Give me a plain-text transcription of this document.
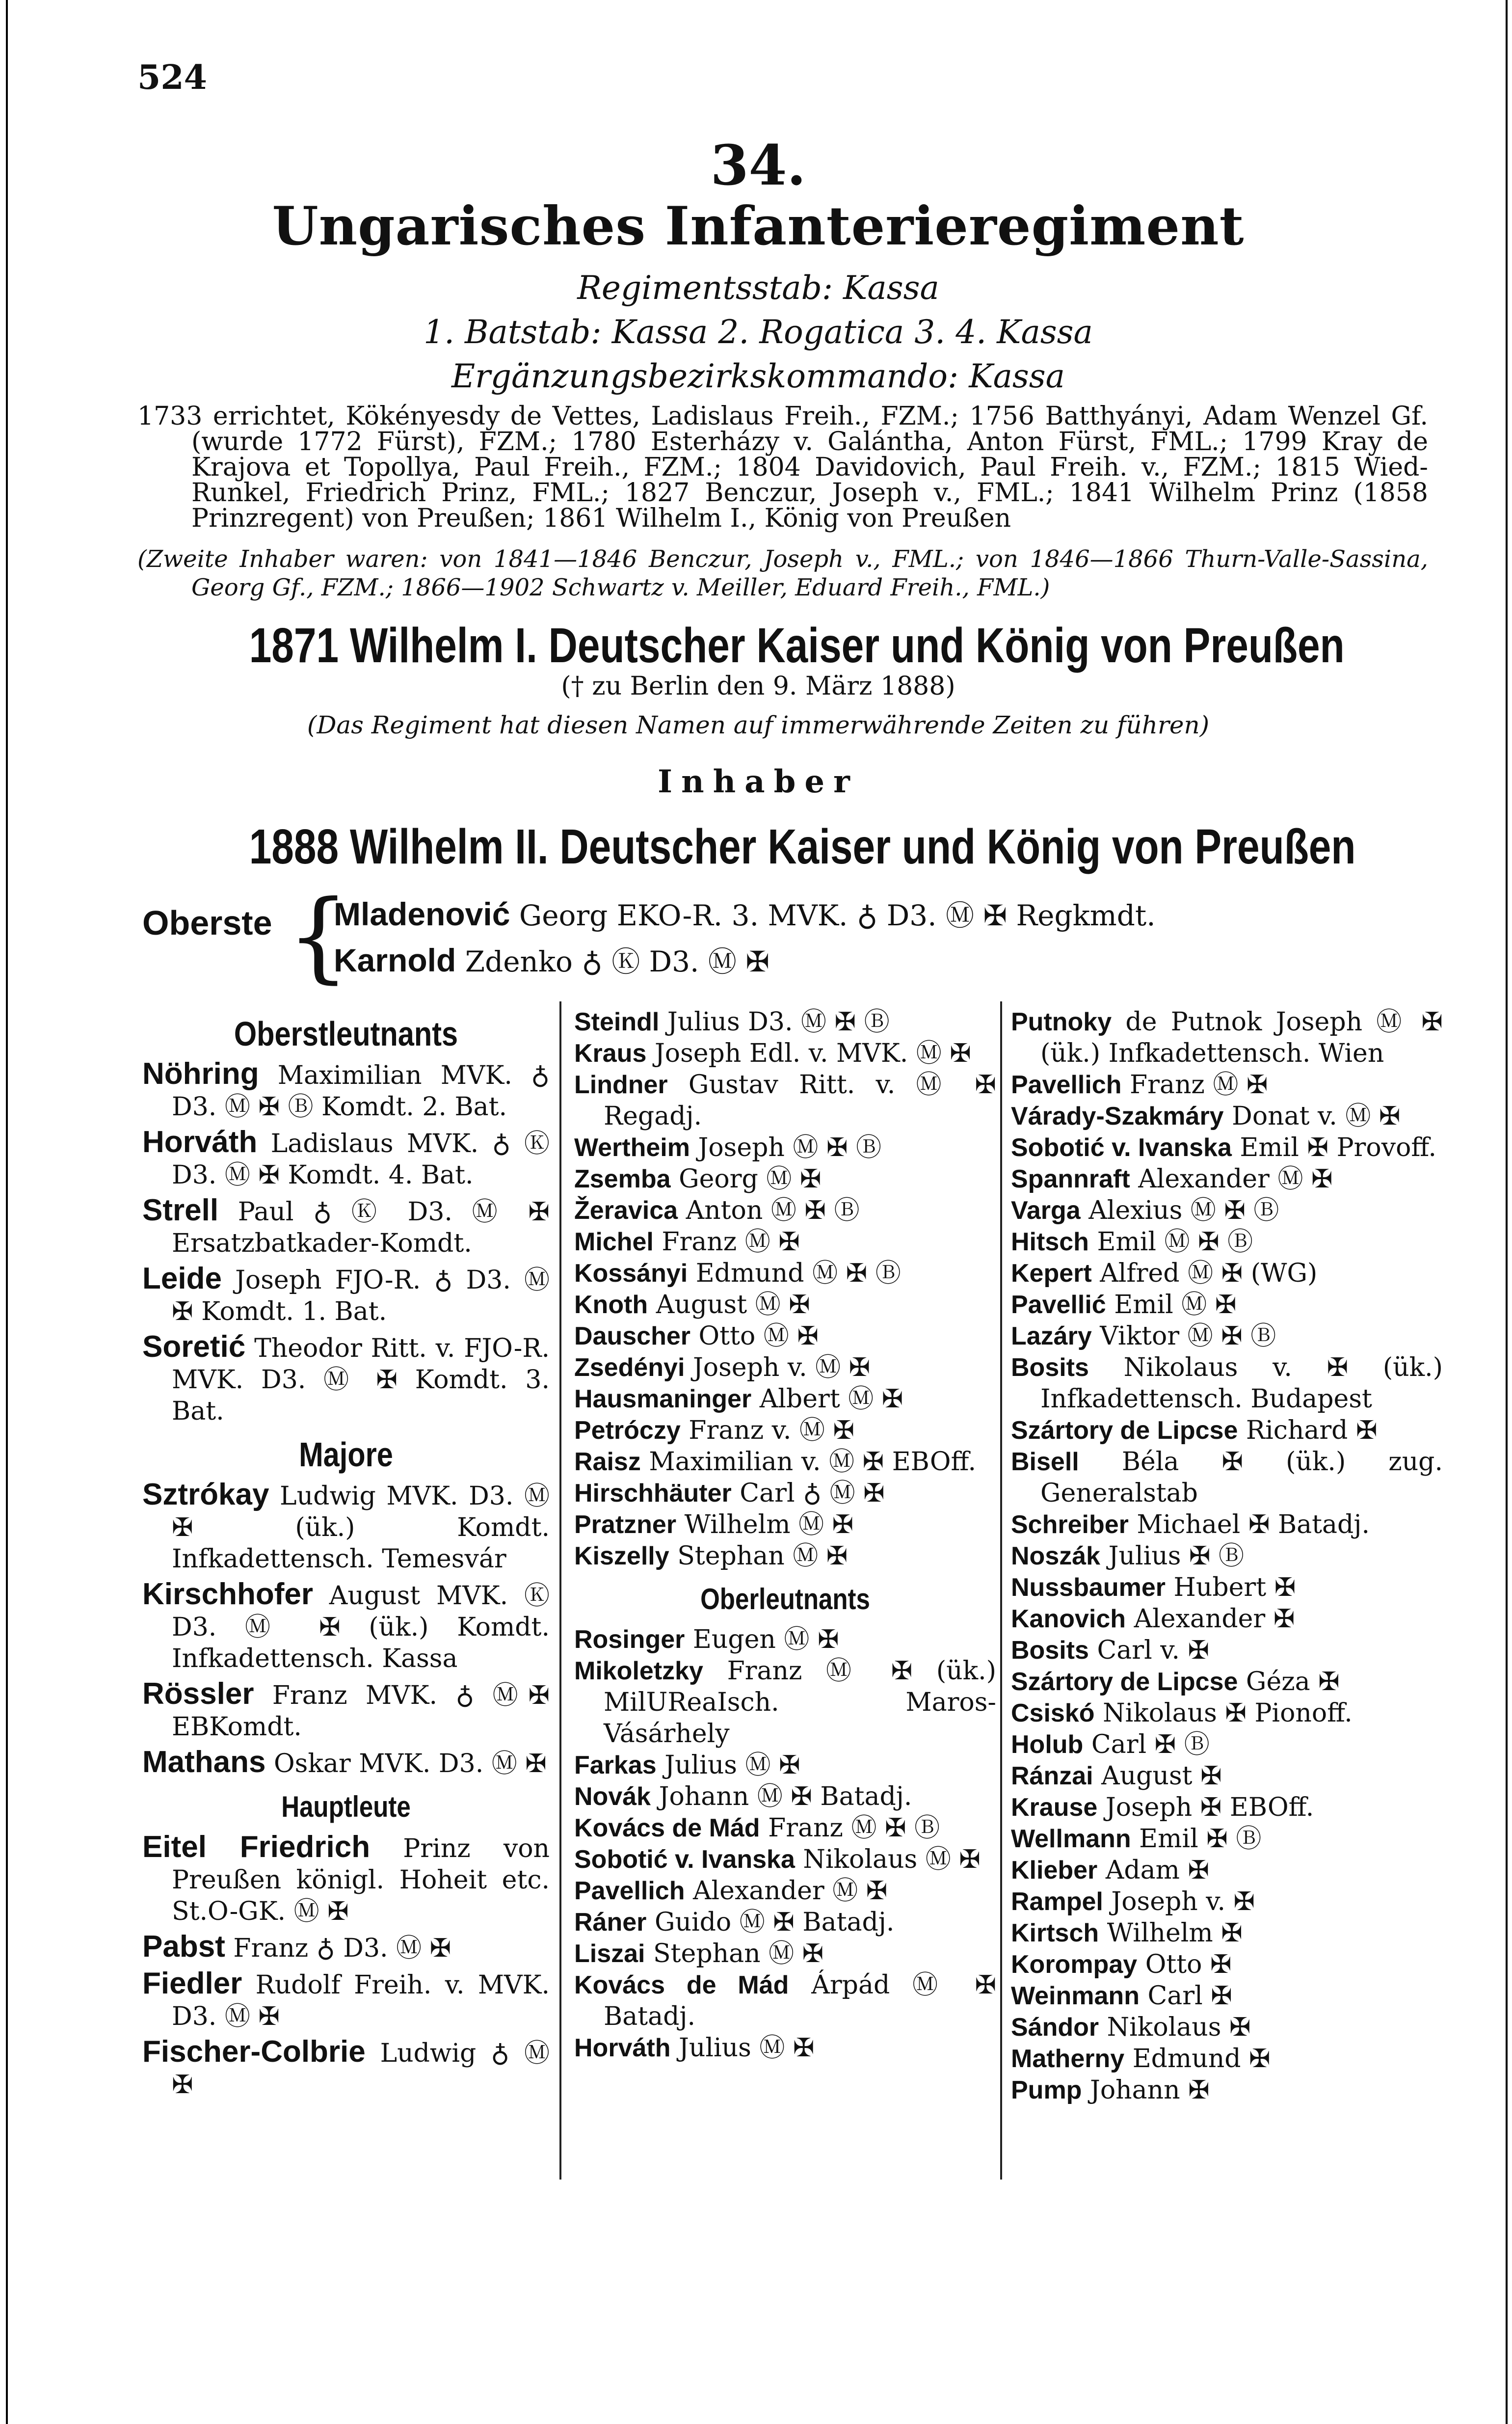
524
34.
Ungarisches Infanterieregiment
Regimentsstab: Kassa
1. Batstab: Kassa 2. Rogatica 3. 4. Kassa
Ergänzungsbezirkskommando: Kassa

1733 errichtet, Kökényesdy de Vettes, Ladislaus Freih., FZM.; 1756 Batthyányi, Adam Wenzel Gf. (wurde 1772 Fürst), FZM.; 1780 Esterházy v. Galántha, Anton Fürst, FML.; 1799 Kray de Krajova et Topollya, Paul Freih., FZM.; 1804 Davidovich, Paul Freih. v., FZM.; 1815 Wied-Runkel, Friedrich Prinz, FML.; 1827 Benczur, Joseph v., FML.; 1841 Wilhelm Prinz (1858 Prinzregent) von Preußen; 1861 Wilhelm I., König von Preußen

(Zweite Inhaber waren: von 1841—1846 Benczur, Joseph v., FML.; von 1846—1866 Thurn-Valle-Sassina, Georg Gf., FZM.; 1866—1902 Schwartz v. Meiller, Eduard Freih., FML.)

1871 Wilhelm I. Deutscher Kaiser und König von Preußen
(† zu Berlin den 9. März 1888)
(Das Regiment hat diesen Namen auf immerwährende Zeiten zu führen)
Inhaber
1888 Wilhelm II. Deutscher Kaiser und König von Preußen
Oberste {
Mladenović Georg EKO-R. 3. MVK. ♁ D3. Ⓜ ✠ Regkmdt.
Karnold Zdenko ♁ Ⓚ D3. Ⓜ ✠
Oberstleutnants

Nöhring Maximilian MVK. ♁ D3. Ⓜ ✠ Ⓑ Komdt. 2. Bat.

Horváth Ladislaus MVK. ♁ Ⓚ D3. Ⓜ ✠ Komdt. 4. Bat.

Strell Paul ♁ Ⓚ D3. Ⓜ ✠ Ersatzbatkader-Komdt.

Leide Joseph FJO-R. ♁ D3. Ⓜ ✠ Komdt. 1. Bat.

Soretić Theodor Ritt. v. FJO-R. MVK. D3. Ⓜ ✠ Komdt. 3. Bat.

Majore

Sztrókay Ludwig MVK. D3. Ⓜ ✠ (ük.) Komdt. Infkadettensch. Temesvár

Kirschhofer August MVK. Ⓚ D3. Ⓜ ✠ (ük.) Komdt. Infkadettensch. Kassa

Rössler Franz MVK. ♁ Ⓜ✠ EBKomdt.

Mathans Oskar MVK. D3. Ⓜ ✠

Hauptleute

Eitel Friedrich Prinz von Preußen königl. Hoheit etc. St.O-GK. Ⓜ ✠

Pabst Franz ♁ D3. Ⓜ ✠

Fiedler Rudolf Freih. v. MVK. D3. Ⓜ ✠

Fischer-Colbrie Ludwig ♁ Ⓜ ✠

Steindl Julius D3. Ⓜ ✠ Ⓑ

Kraus Joseph Edl. v. MVK. Ⓜ ✠

Lindner Gustav Ritt. v. Ⓜ ✠ Regadj.

Wertheim Joseph Ⓜ ✠ Ⓑ

Zsemba Georg Ⓜ ✠

Žeravica Anton Ⓜ ✠ Ⓑ

Michel Franz Ⓜ ✠

Kossányi Edmund Ⓜ ✠ Ⓑ

Knoth August Ⓜ ✠

Dauscher Otto Ⓜ ✠

Zsedényi Joseph v. Ⓜ ✠

Hausmaninger Albert Ⓜ ✠

Petróczy Franz v. Ⓜ ✠

Raisz Maximilian v. Ⓜ ✠ EBOff.

Hirschhäuter Carl ♁ Ⓜ ✠

Pratzner Wilhelm Ⓜ ✠

Kiszelly Stephan Ⓜ ✠

Oberleutnants

Rosinger Eugen Ⓜ ✠

Mikoletzky Franz Ⓜ ✠ (ük.) MilUReaIsch. Maros-Vásárhely

Farkas Julius Ⓜ ✠

Novák Johann Ⓜ ✠ Batadj.

Kovács de Mád Franz Ⓜ ✠ Ⓑ

Sobotić v. Ivanska Nikolaus Ⓜ ✠

Pavellich Alexander Ⓜ ✠

Ráner Guido Ⓜ ✠ Batadj.

Liszai Stephan Ⓜ ✠

Kovács de Mád Árpád Ⓜ ✠ Batadj.

Horváth Julius Ⓜ ✠

Putnoky de Putnok Joseph Ⓜ ✠ (ük.) Infkadettensch. Wien

Pavellich Franz Ⓜ ✠

Várady-Szakmáry Donat v. Ⓜ ✠

Sobotić v. Ivanska Emil ✠ Provoff.

Spannraft Alexander Ⓜ ✠

Varga Alexius Ⓜ ✠ Ⓑ

Hitsch Emil Ⓜ ✠ Ⓑ

Kepert Alfred Ⓜ ✠ (WG)

Pavellić Emil Ⓜ ✠

Lazáry Viktor Ⓜ ✠ Ⓑ

Bosits Nikolaus v. ✠ (ük.) Infkadettensch. Budapest

Szártory de Lipcse Richard ✠

Bisell Béla ✠ (ük.) zug. Generalstab

Schreiber Michael ✠ Batadj.

Noszák Julius ✠ Ⓑ

Nussbaumer Hubert ✠

Kanovich Alexander ✠

Bosits Carl v. ✠

Szártory de Lipcse Géza ✠

Csiskó Nikolaus ✠ Pionoff.

Holub Carl ✠ Ⓑ

Ránzai August ✠

Krause Joseph ✠ EBOff.

Wellmann Emil ✠ Ⓑ

Klieber Adam ✠

Rampel Joseph v. ✠

Kirtsch Wilhelm ✠

Korompay Otto ✠

Weinmann Carl ✠

Sándor Nikolaus ✠

Matherny Edmund ✠

Pump Johann ✠
